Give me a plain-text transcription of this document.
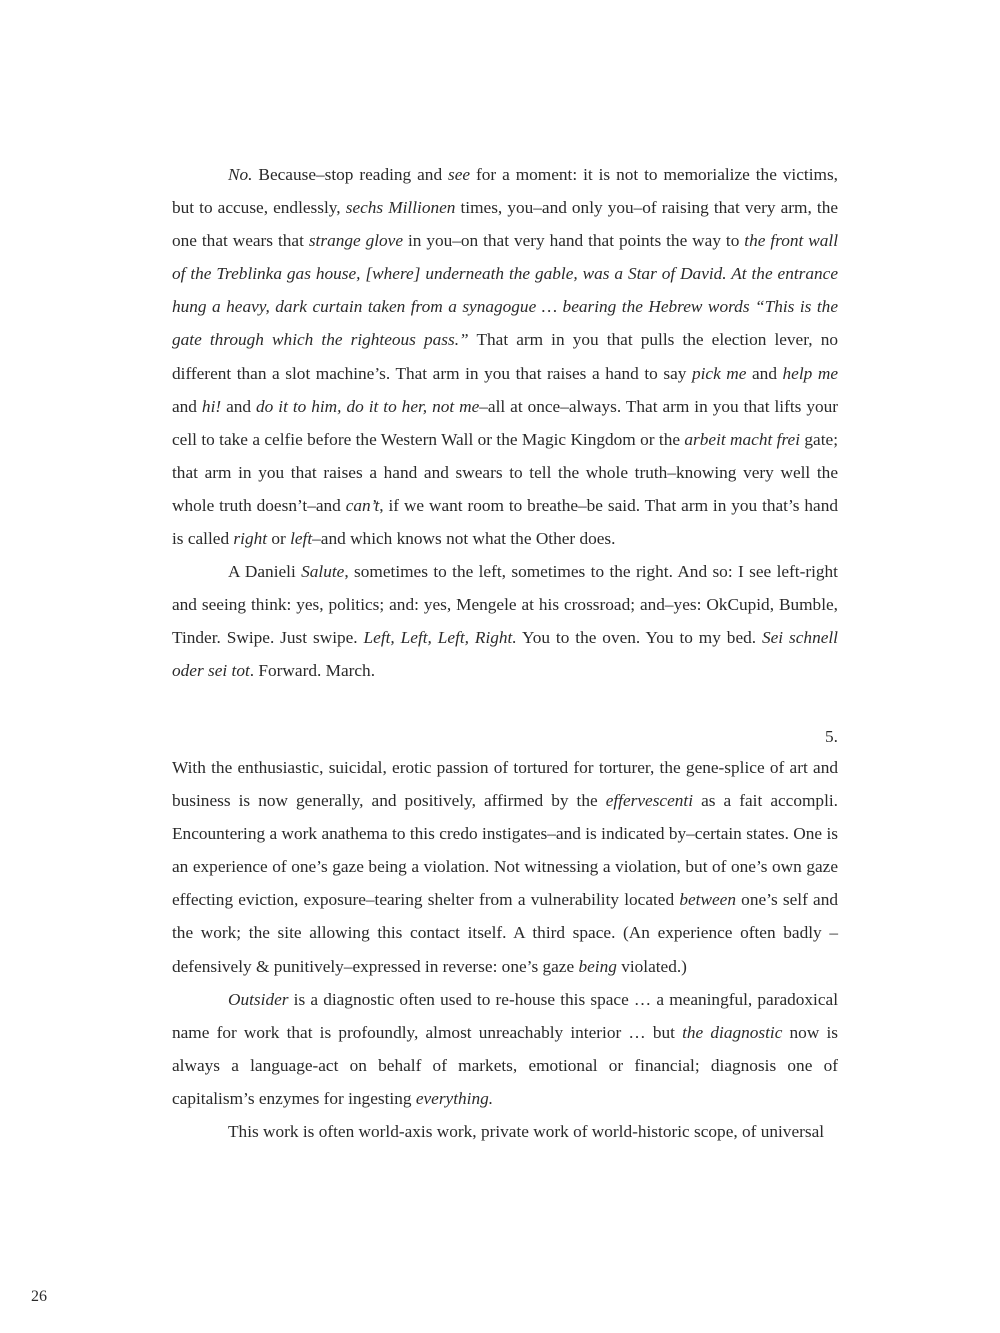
No. Because–stop reading and see for a moment: it is not to memorialize the victims, but to accuse, endlessly, sechs Millionen times, you–and only you–of raising that very arm, the one that wears that strange glove in you–on that very hand that points the way to the front wall of the Treblinka gas house, [where] underneath the gable, was a Star of David. At the entrance hung a heavy, dark curtain taken from a synagogue … bearing the Hebrew words “This is the gate through which the righteous pass.” That arm in you that pulls the election lever, no different than a slot machine’s. That arm in you that raises a hand to say pick me and help me and hi! and do it to him, do it to her, not me–all at once–always. That arm in you that lifts your cell to take a celfie before the Western Wall or the Magic Kingdom or the arbeit macht frei gate; that arm in you that raises a hand and swears to tell the whole truth–knowing very well the whole truth doesn’t–and can’t, if we want room to breathe–be said. That arm in you that’s hand is called right or left–and which knows not what the Other does.

A Danieli Salute, sometimes to the left, sometimes to the right. And so: I see left-right and seeing think: yes, politics; and: yes, Mengele at his crossroad; and–yes: OkCupid, Bumble, Tinder. Swipe. Just swipe. Left, Left, Left, Right. You to the oven. You to my bed. Sei schnell oder sei tot. Forward. March.

5.

With the enthusiastic, suicidal, erotic passion of tortured for torturer, the gene-splice of art and business is now generally, and positively, affirmed by the effervescenti as a fait accompli. Encountering a work anathema to this credo instigates–and is indicated by–certain states. One is an experience of one’s gaze being a violation. Not witnessing a violation, but of one’s own gaze effecting eviction, exposure–tearing shelter from a vulnerability located between one’s self and the work; the site allowing this contact itself. A third space. (An experience often badly – defensively & punitively–expressed in reverse: one’s gaze being violated.)

Outsider is a diagnostic often used to re-house this space … a meaningful, paradoxical name for work that is profoundly, almost unreachably interior … but the diagnostic now is always a language-act on behalf of markets, emotional or financial; diagnosis one of capitalism’s enzymes for ingesting everything.

This work is often world-axis work, private work of world-historic scope, of universal

26
